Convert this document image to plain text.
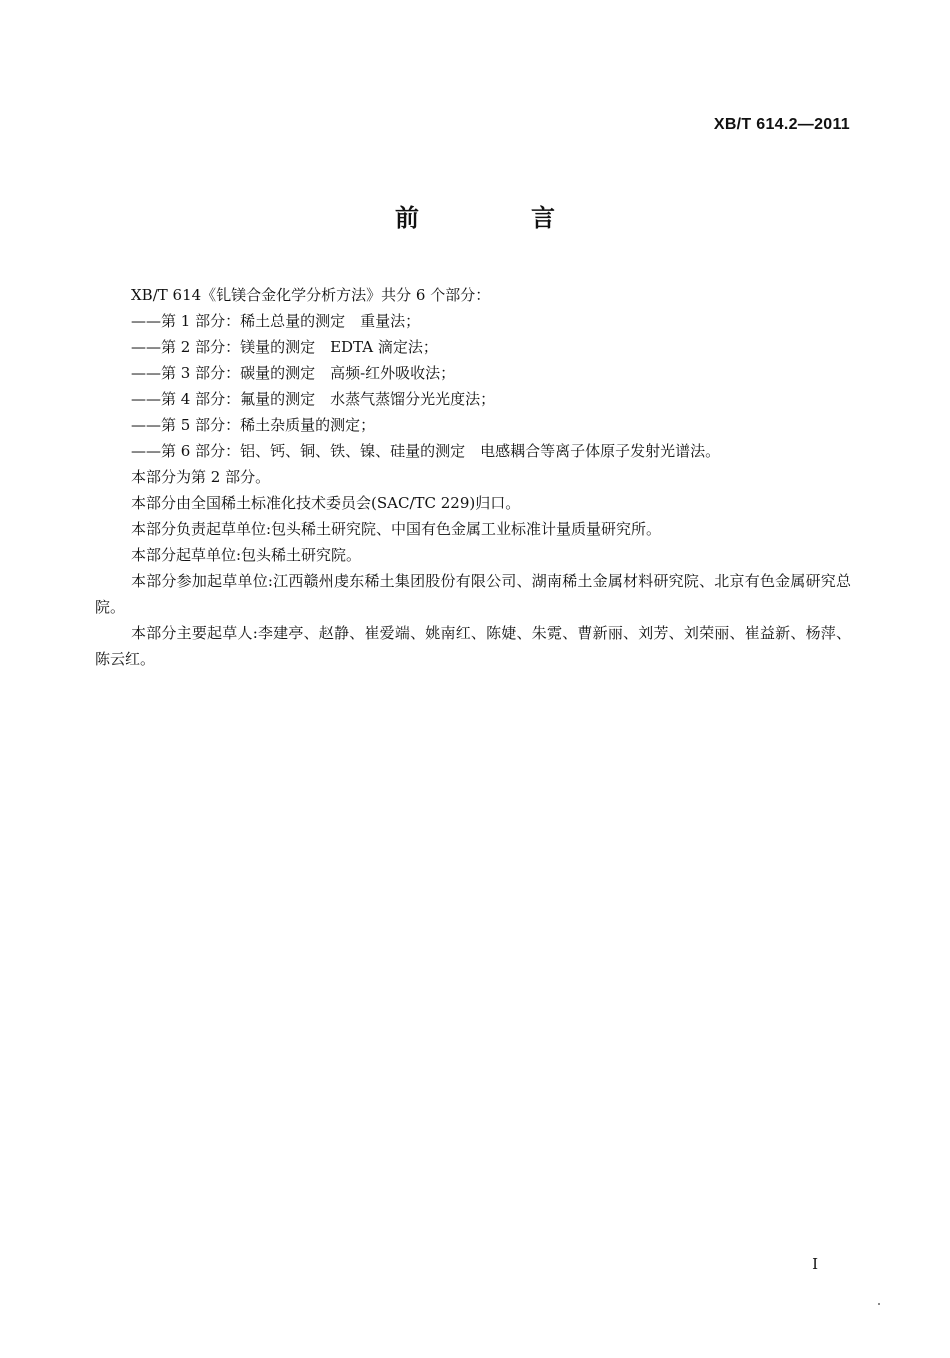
XB/T 614.2—2011
前　言

XB/T 614《钆镁合金化学分析方法》共分 6 个部分：

——第 1 部分：稀土总量的测定　重量法；

——第 2 部分：镁量的测定　EDTA 滴定法；

——第 3 部分：碳量的测定　高频-红外吸收法；

——第 4 部分：氟量的测定　水蒸气蒸馏分光光度法；

——第 5 部分：稀土杂质量的测定；

——第 6 部分：铝、钙、铜、铁、镍、硅量的测定　电感耦合等离子体原子发射光谱法。

本部分为第 2 部分。

本部分由全国稀土标准化技术委员会(SAC/TC 229)归口。

本部分负责起草单位:包头稀土研究院、中国有色金属工业标准计量质量研究所。

本部分起草单位:包头稀土研究院。

本部分参加起草单位:江西赣州虔东稀土集团股份有限公司、湖南稀土金属材料研究院、北京有色金属研究总院。

本部分主要起草人:李建亭、赵静、崔爱端、姚南红、陈婕、朱霓、曹新丽、刘芳、刘荣丽、崔益新、杨萍、陈云红。

I
